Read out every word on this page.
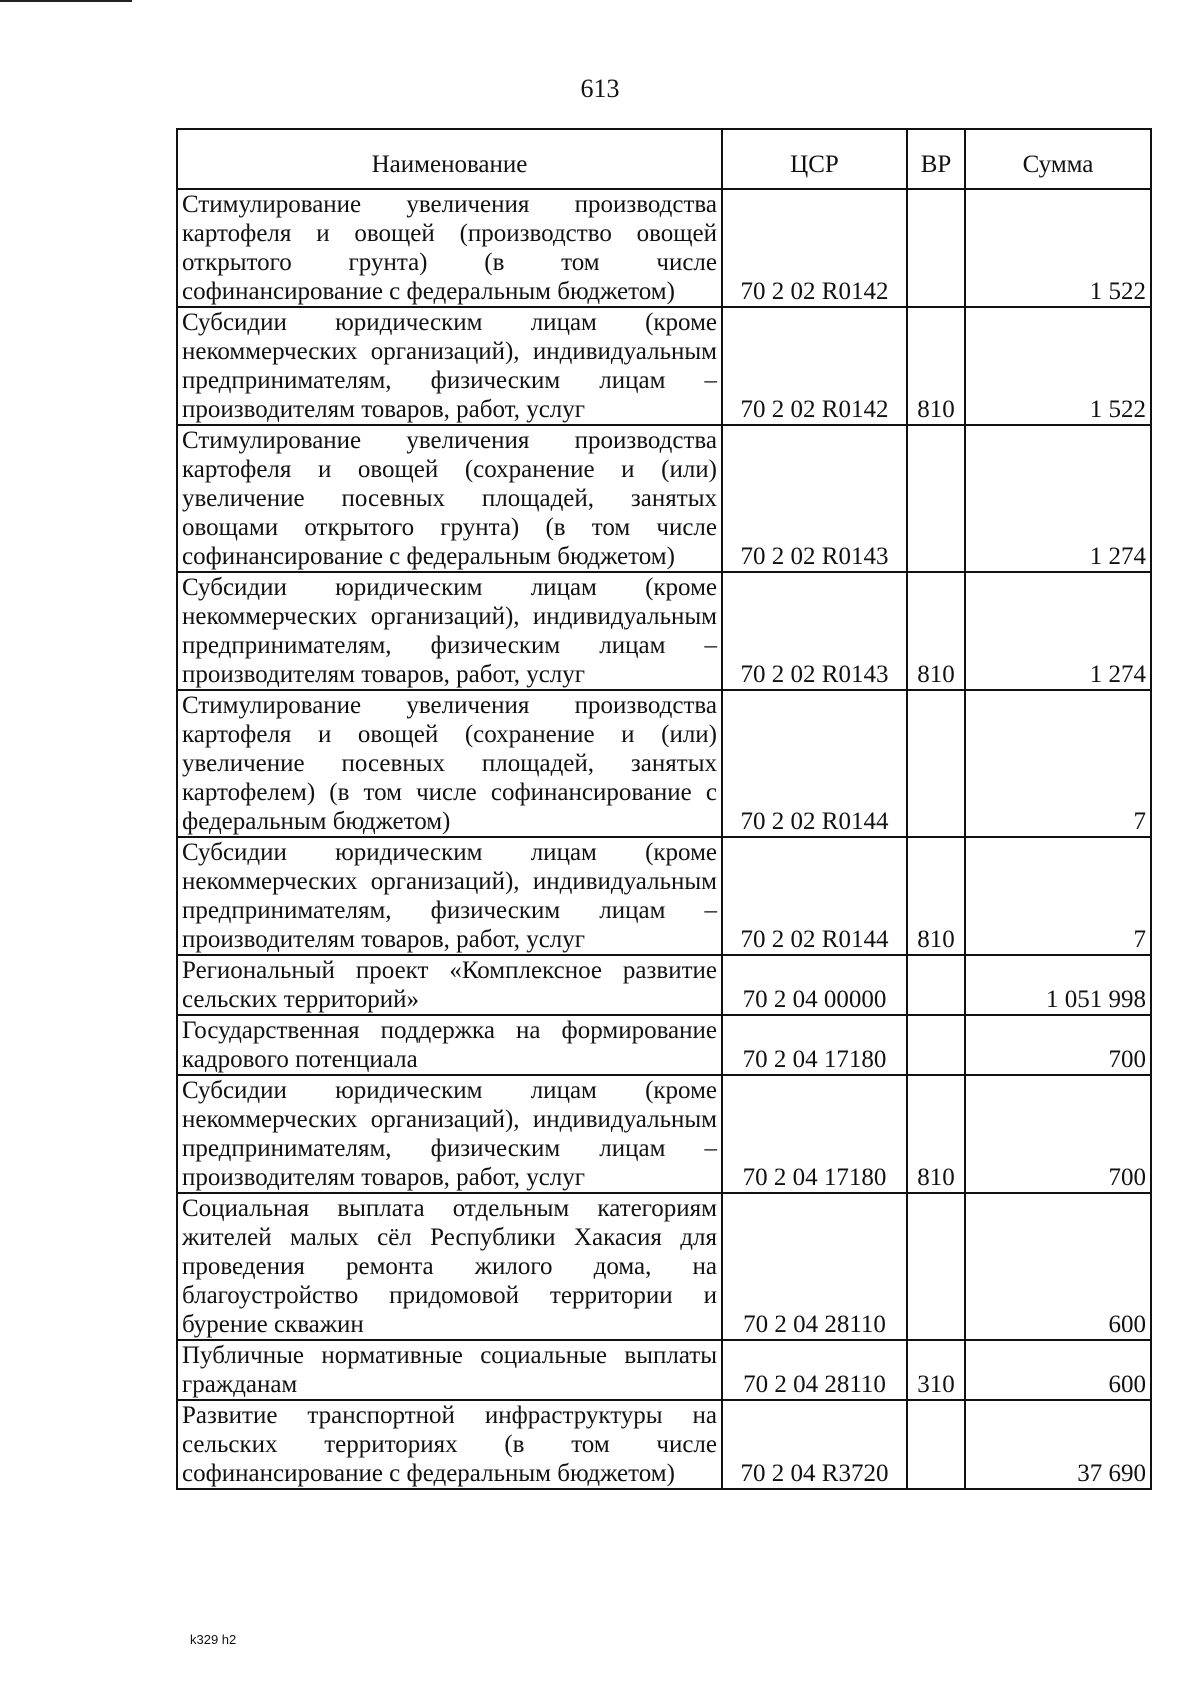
613
Наименование	ЦСР	ВР	Сумма
Стимулирование увеличения производства картофеля и овощей (производство овощей открытого грунта) (в том числе софинансирование с федеральным бюджетом)	70 2 02 R0142		1 522
Субсидии юридическим лицам (кроме некоммерческих организаций), индивидуальным предпринимателям, физическим лицам – производителям товаров, работ, услуг	70 2 02 R0142	810	1 522
Стимулирование увеличения производства картофеля и овощей (сохранение и (или) увеличение посевных площадей, занятых овощами открытого грунта) (в том числе софинансирование с федеральным бюджетом)	70 2 02 R0143		1 274
Субсидии юридическим лицам (кроме некоммерческих организаций), индивидуальным предпринимателям, физическим лицам – производителям товаров, работ, услуг	70 2 02 R0143	810	1 274
Стимулирование увеличения производства картофеля и овощей (сохранение и (или) увеличение посевных площадей, занятых картофелем) (в том числе софинансирование с федеральным бюджетом)	70 2 02 R0144		7
Субсидии юридическим лицам (кроме некоммерческих организаций), индивидуальным предпринимателям, физическим лицам – производителям товаров, работ, услуг	70 2 02 R0144	810	7
Региональный проект «Комплексное развитие сельских территорий»	70 2 04 00000		1 051 998
Государственная поддержка на формирование кадрового потенциала	70 2 04 17180		700
Субсидии юридическим лицам (кроме некоммерческих организаций), индивидуальным предпринимателям, физическим лицам – производителям товаров, работ, услуг	70 2 04 17180	810	700
Социальная выплата отдельным категориям жителей малых сёл Республики Хакасия для проведения ремонта жилого дома, на благоустройство придомовой территории и бурение скважин	70 2 04 28110		600
Публичные нормативные социальные выплаты гражданам	70 2 04 28110	310	600
Развитие транспортной инфраструктуры на сельских территориях (в том числе софинансирование с федеральным бюджетом)	70 2 04 R3720		37 690
k329 h2
